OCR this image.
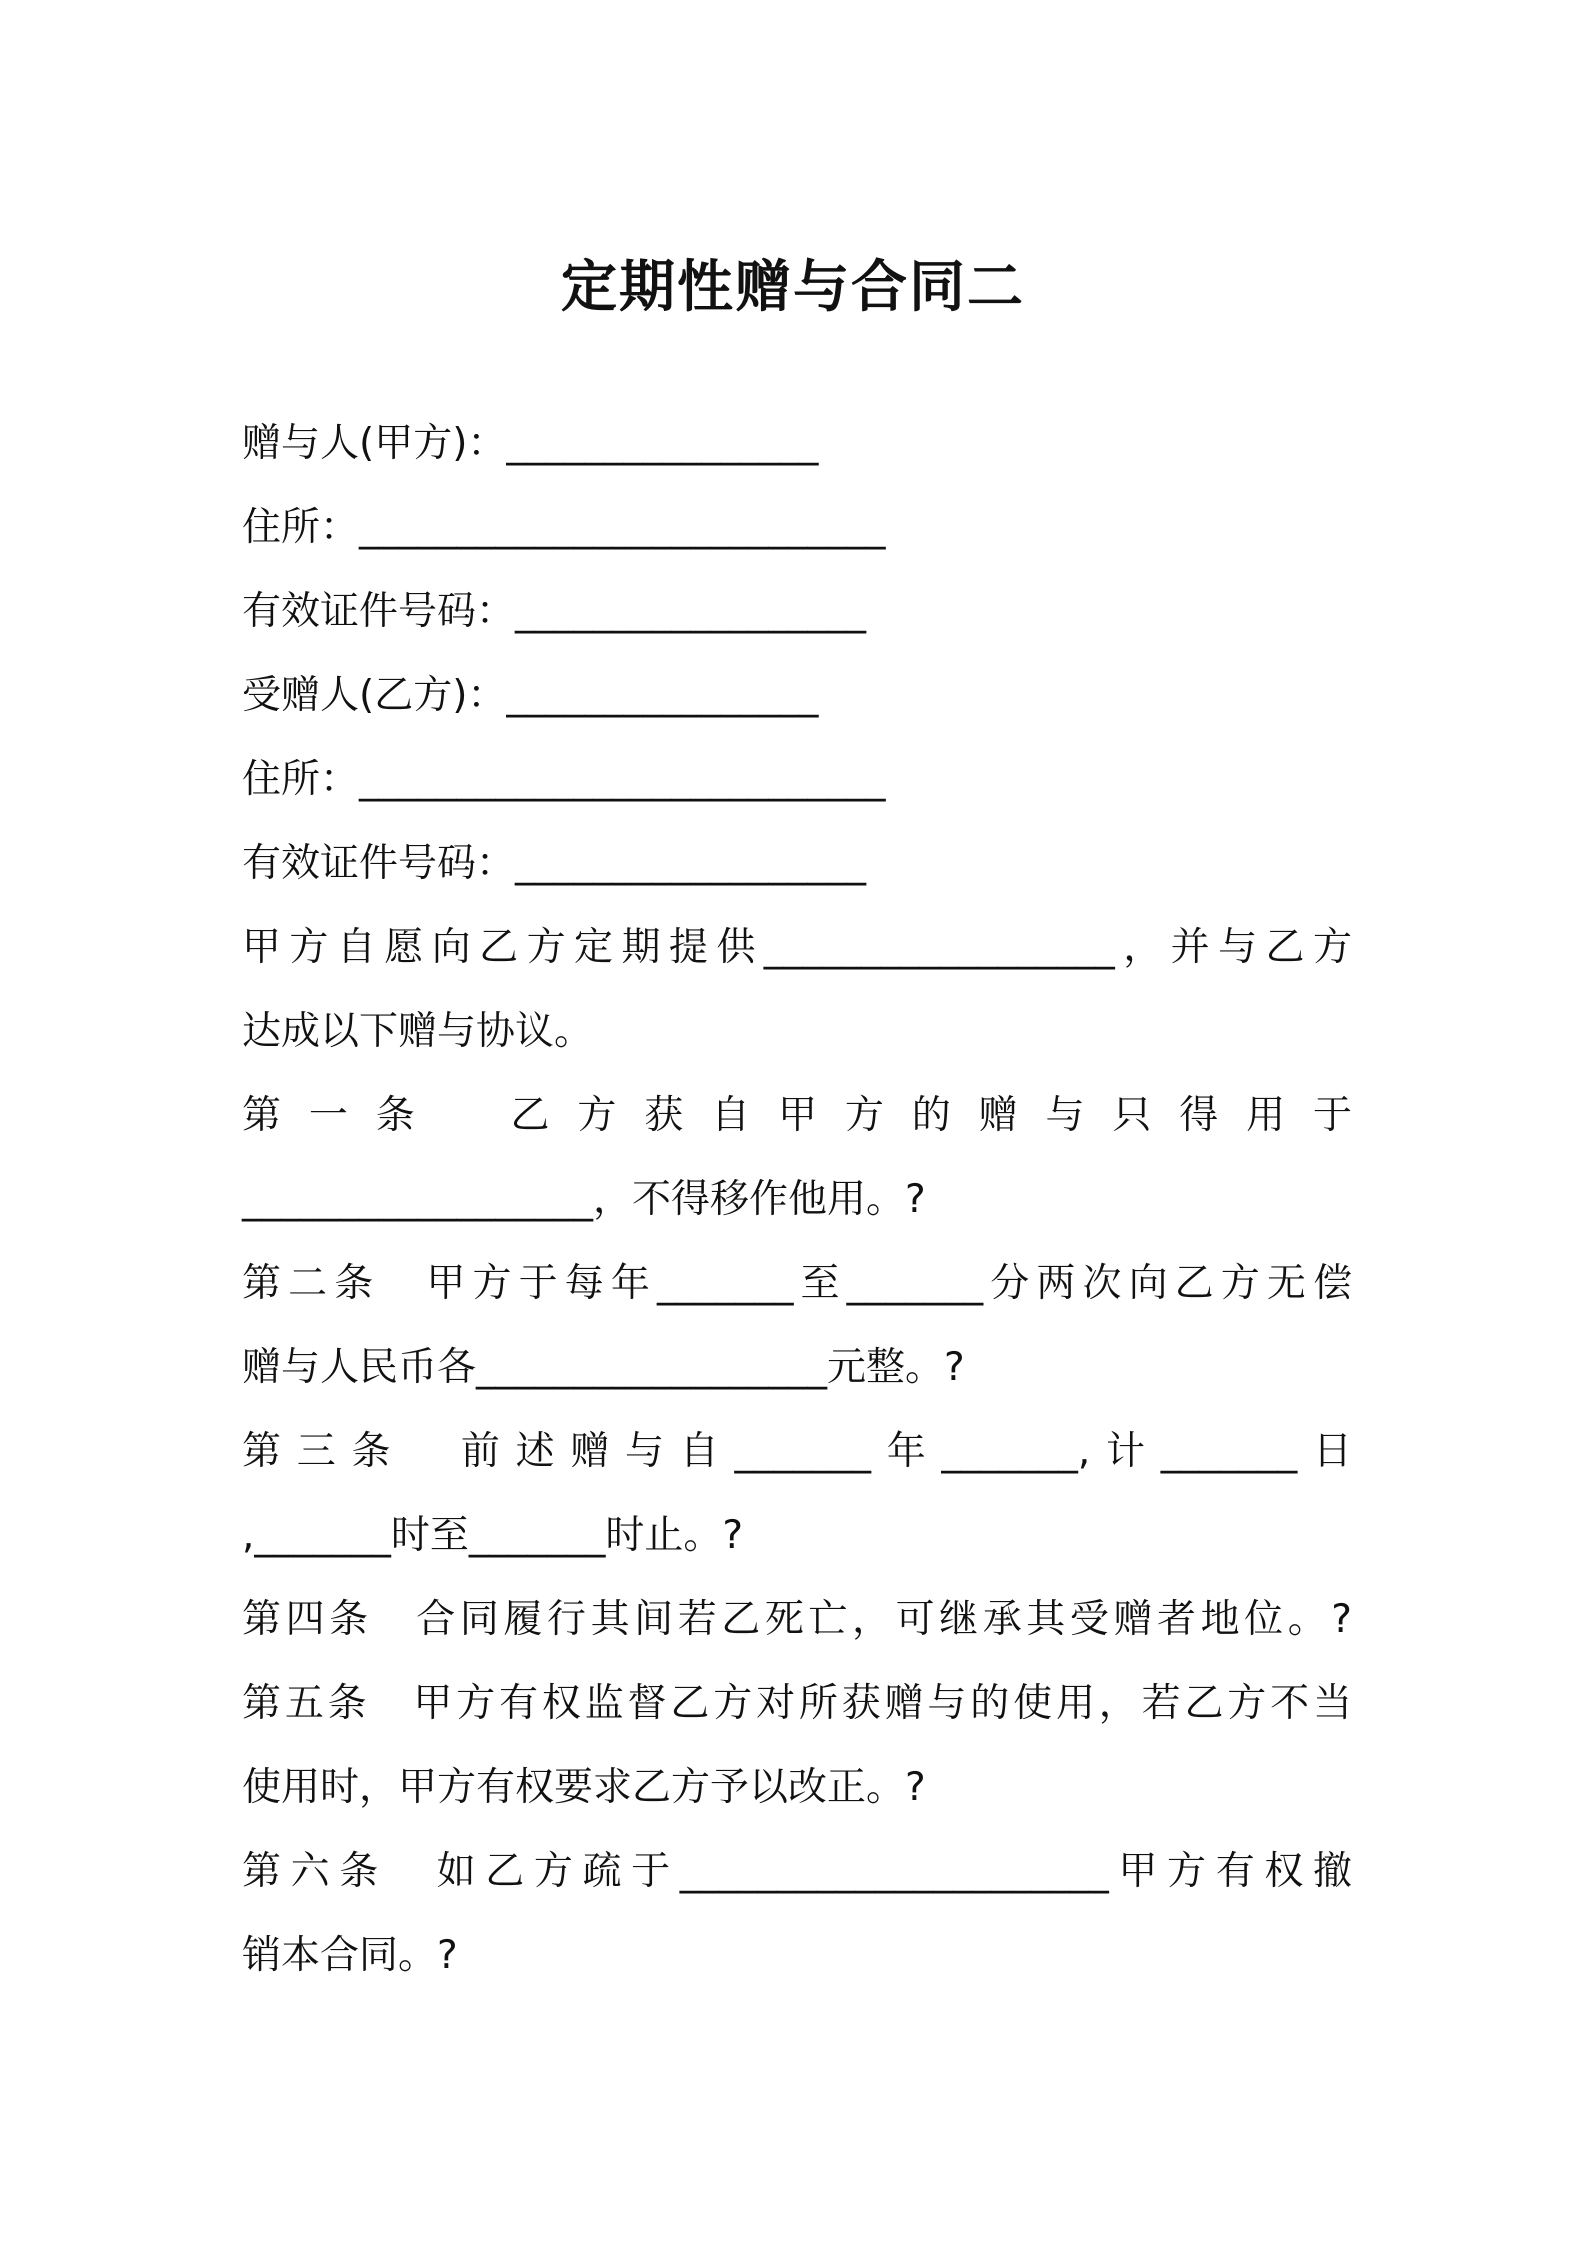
定期性赠与合同二
赠与人(甲方)：________________
住所：___________________________
有效证件号码：__________________
受赠人(乙方)：________________
住所：___________________________
有效证件号码：__________________
甲方自愿向乙方定期提供__________________，并与乙方
达成以下赠与协议。
第 一 条 乙 方 获 自 甲 方 的 赠 与 只 得 用 于
__________________，不得移作他用。?
第二条　甲方于每年_______至_______分两次向乙方无偿
赠与人民币各__________________元整。?
第三条　前述赠与自_______年_______,计_______日
,_______时至_______时止。?
第四条　合同履行其间若乙死亡，可继承其受赠者地位。?
第五条　甲方有权监督乙方对所获赠与的使用，若乙方不当
使用时，甲方有权要求乙方予以改正。?
第六条　如乙方疏于______________________甲方有权撤
销本合同。?
